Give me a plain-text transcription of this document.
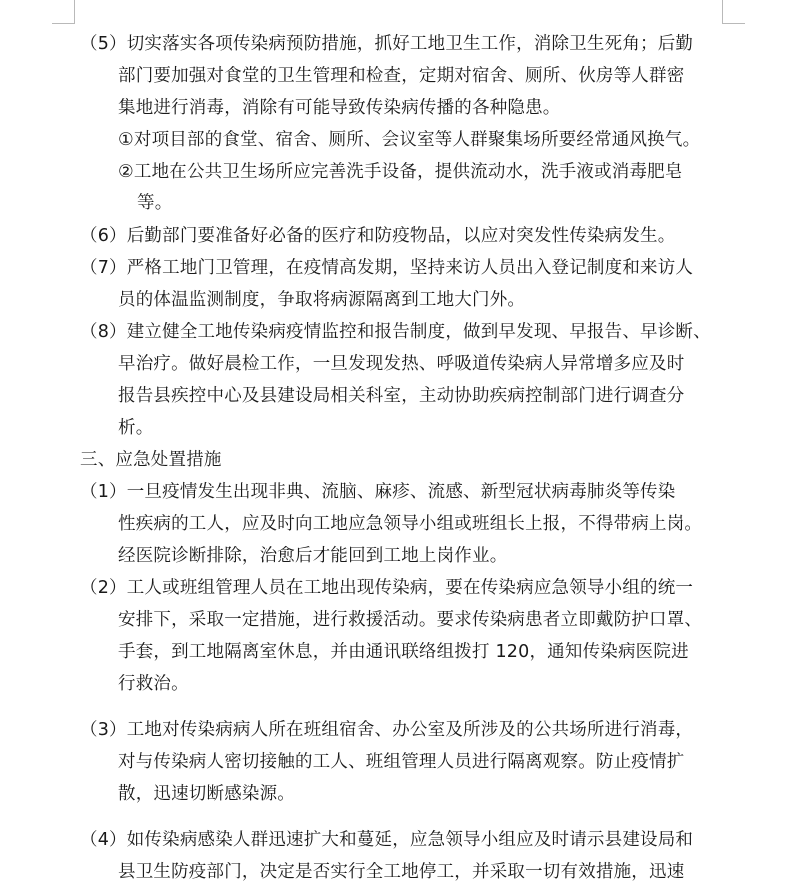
（5）切实落实各项传染病预防措施，抓好工地卫生工作，消除卫生死角；后勤
部门要加强对食堂的卫生管理和检查，定期对宿舍、厕所、伙房等人群密
集地进行消毒，消除有可能导致传染病传播的各种隐患。
①对项目部的食堂、宿舍、厕所、会议室等人群聚集场所要经常通风换气。
②工地在公共卫生场所应完善洗手设备，提供流动水，洗手液或消毒肥皂
等。
（6）后勤部门要准备好必备的医疗和防疫物品，以应对突发性传染病发生。
（7）严格工地门卫管理，在疫情高发期，坚持来访人员出入登记制度和来访人
员的体温监测制度，争取将病源隔离到工地大门外。
（8）建立健全工地传染病疫情监控和报告制度，做到早发现、早报告、早诊断、
早治疗。做好晨检工作，一旦发现发热、呼吸道传染病人异常增多应及时
报告县疾控中心及县建设局相关科室，主动协助疾病控制部门进行调查分
析。
三、应急处置措施
（1）一旦疫情发生出现非典、流脑、麻疹、流感、新型冠状病毒肺炎等传染
性疾病的工人，应及时向工地应急领导小组或班组长上报，不得带病上岗。
经医院诊断排除，治愈后才能回到工地上岗作业。
（2）工人或班组管理人员在工地出现传染病，要在传染病应急领导小组的统一
安排下，采取一定措施，进行救援活动。要求传染病患者立即戴防护口罩、
手套，到工地隔离室休息，并由通讯联络组拨打 120，通知传染病医院进
行救治。
（3）工地对传染病病人所在班组宿舍、办公室及所涉及的公共场所进行消毒，
对与传染病人密切接触的工人、班组管理人员进行隔离观察。防止疫情扩
散，迅速切断感染源。
（4）如传染病感染人群迅速扩大和蔓延，应急领导小组应及时请示县建设局和
县卫生防疫部门，决定是否实行全工地停工，并采取一切有效措施，迅速
